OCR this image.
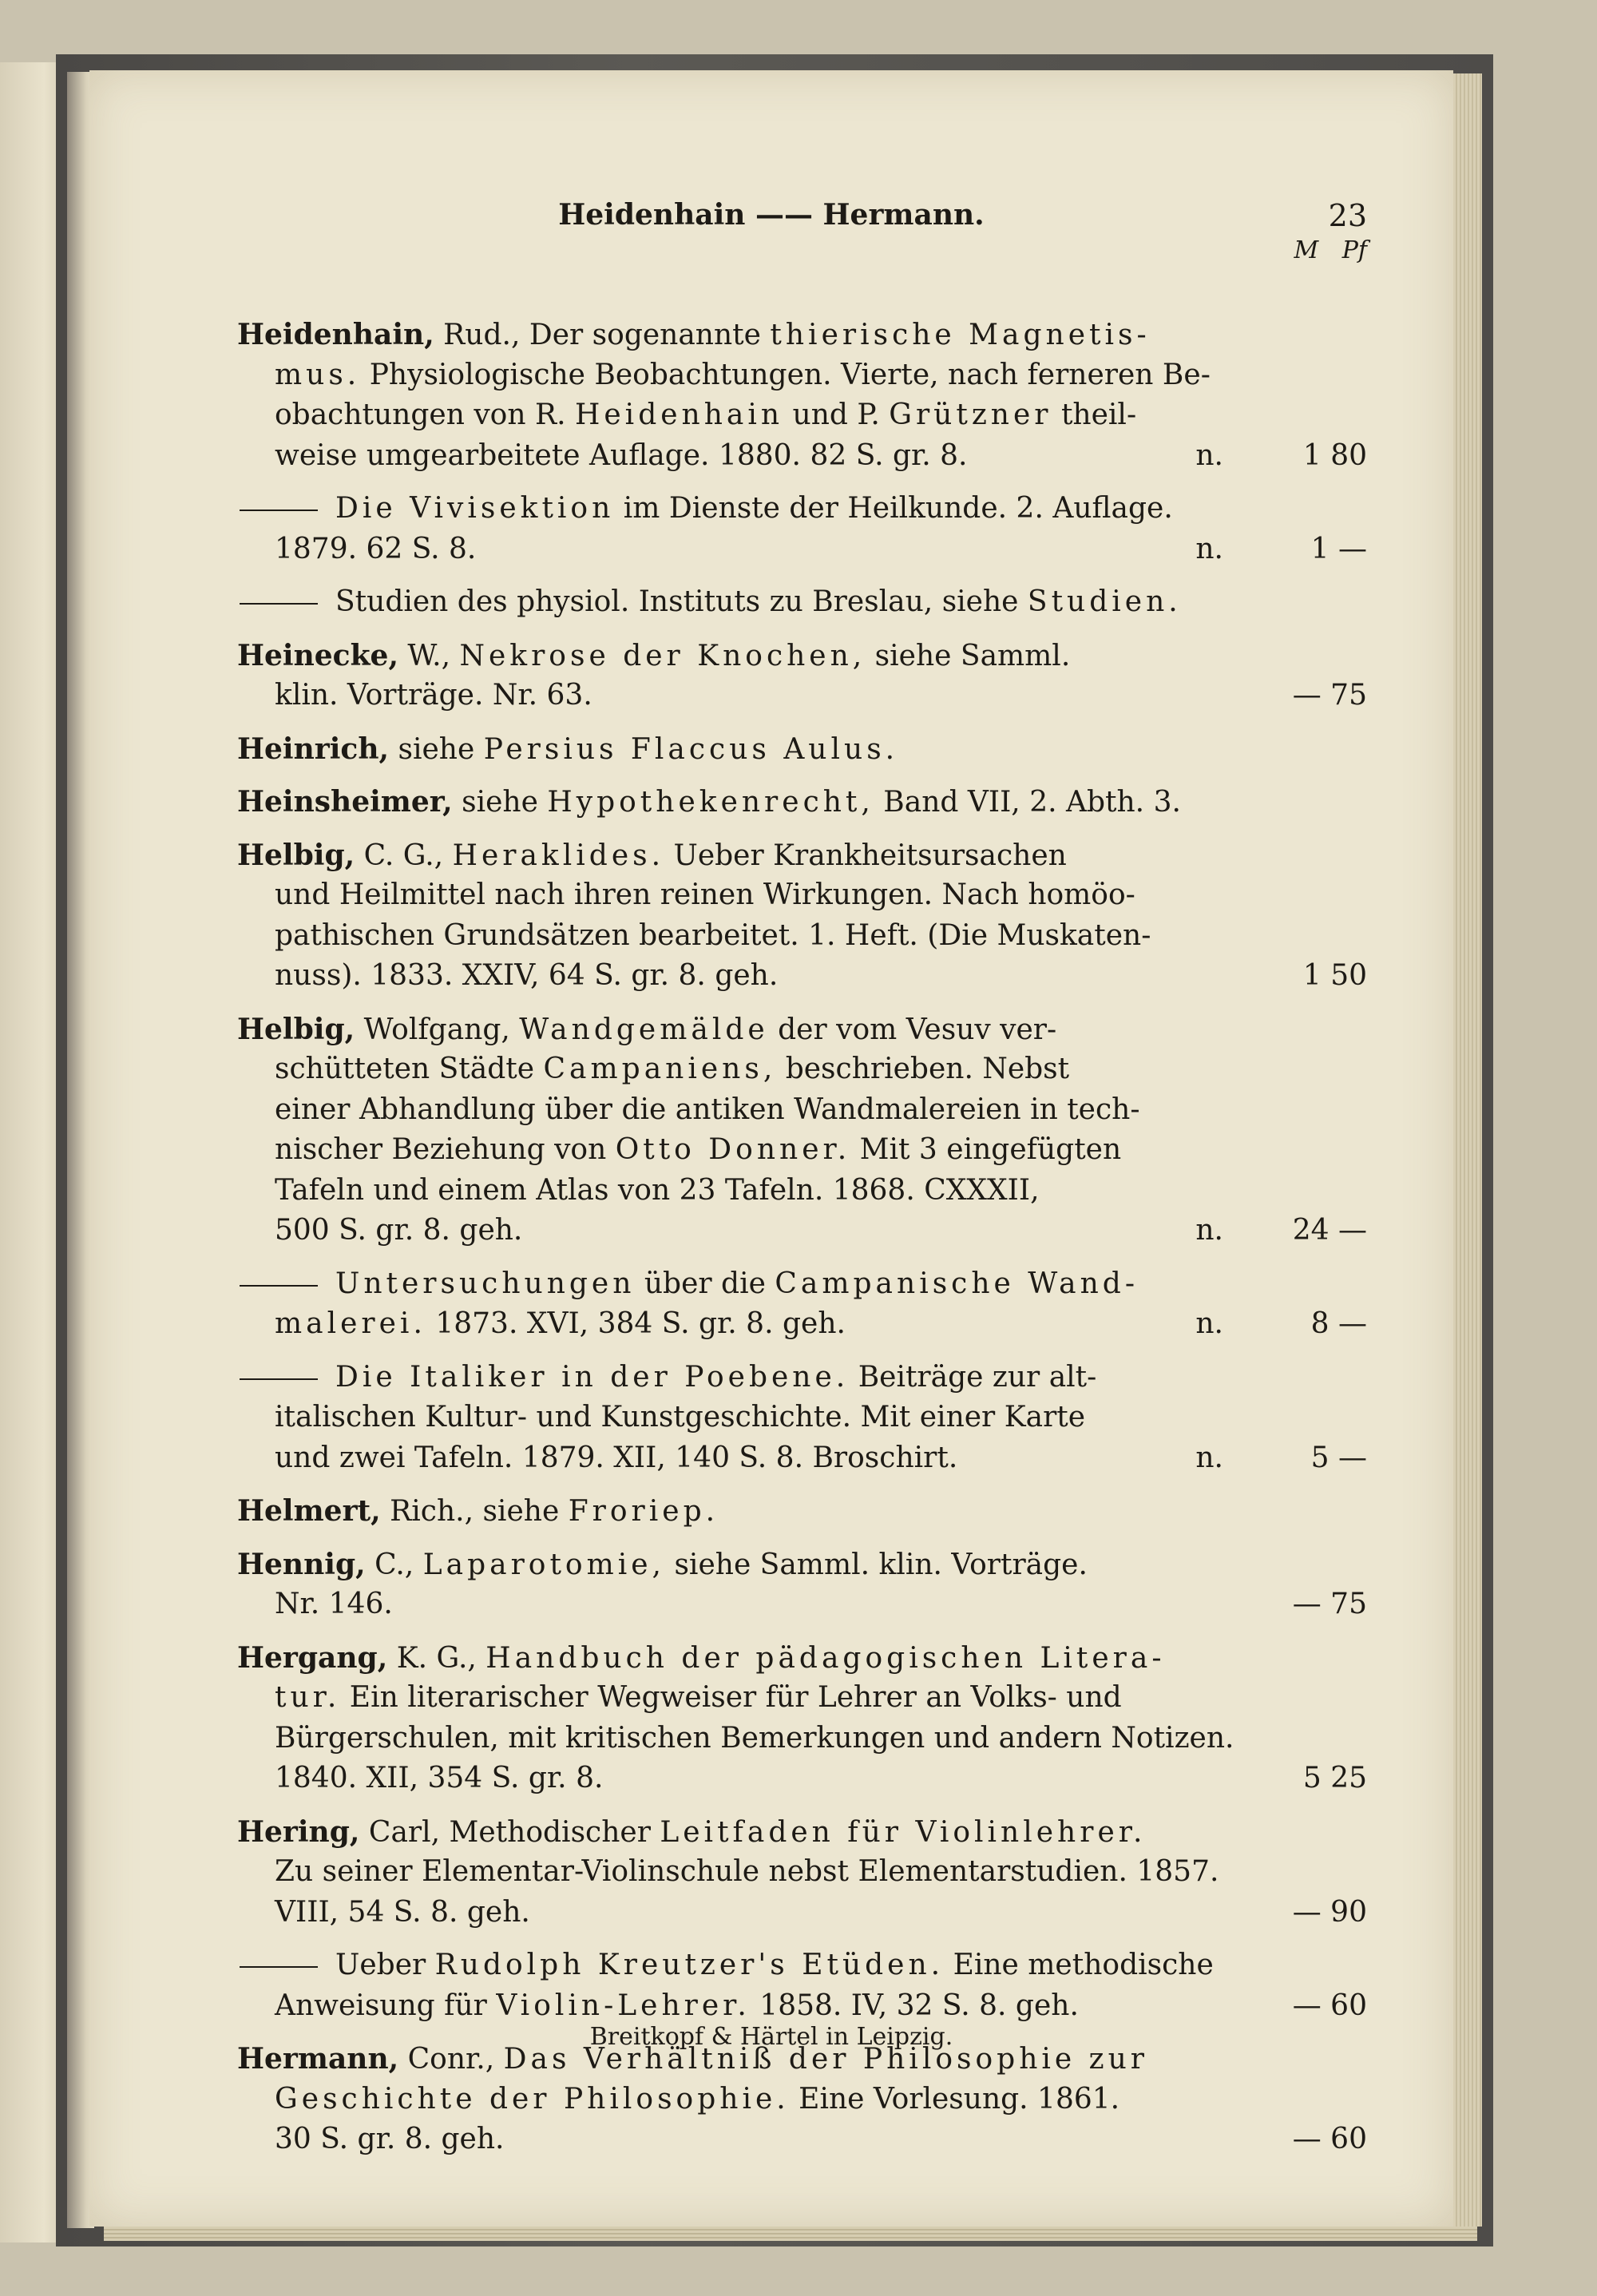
Heidenhain —— Hermann.	23
M Pf
Heidenhain, Rud., Der sogenannte thierische Magnetis-
mus. Physiologische Beobachtungen. Vierte, nach ferneren Be-
obachtungen von R. Heidenhain und P. Grützner theil-
weise umgearbeitete Auflage. 1880. 82 S. gr. 8.	n.	1 80
Die Vivisektion im Dienste der Heilkunde. 2. Auflage.
1879. 62 S. 8.	n.	1 —
Studien des physiol. Instituts zu Breslau, siehe Studien.
Heinecke, W., Nekrose der Knochen, siehe Samml.
klin. Vorträge. Nr. 63.	— 75
Heinrich, siehe Persius Flaccus Aulus.
Heinsheimer, siehe Hypothekenrecht, Band VII, 2. Abth. 3.
Helbig, C. G., Heraklides. Ueber Krankheitsursachen
und Heilmittel nach ihren reinen Wirkungen. Nach homöo-
pathischen Grundsätzen bearbeitet. 1. Heft. (Die Muskaten-
nuss). 1833. XXIV, 64 S. gr. 8. geh.	1 50
Helbig, Wolfgang, Wandgemälde der vom Vesuv ver-
schütteten Städte Campaniens, beschrieben. Nebst
einer Abhandlung über die antiken Wandmalereien in tech-
nischer Beziehung von Otto Donner. Mit 3 eingefügten
Tafeln und einem Atlas von 23 Tafeln. 1868. CXXXII,
500 S. gr. 8. geh.	n.	24 —
Untersuchungen über die Campanische Wand-
malerei. 1873. XVI, 384 S. gr. 8. geh.	n.	8 —
Die Italiker in der Poebene. Beiträge zur alt-
italischen Kultur- und Kunstgeschichte. Mit einer Karte
und zwei Tafeln. 1879. XII, 140 S. 8. Broschirt.	n.	5 —
Helmert, Rich., siehe Froriep.
Hennig, C., Laparotomie, siehe Samml. klin. Vorträge.
Nr. 146.	— 75
Hergang, K. G., Handbuch der pädagogischen Litera-
tur. Ein literarischer Wegweiser für Lehrer an Volks- und
Bürgerschulen, mit kritischen Bemerkungen und andern Notizen.
1840. XII, 354 S. gr. 8.	5 25
Hering, Carl, Methodischer Leitfaden für Violinlehrer.
Zu seiner Elementar-Violinschule nebst Elementarstudien. 1857.
VIII, 54 S. 8. geh.	— 90
Ueber Rudolph Kreutzer's Etüden. Eine methodische
Anweisung für Violin-Lehrer. 1858. IV, 32 S. 8. geh.	— 60
Hermann, Conr., Das Verhältniß der Philosophie zur
Geschichte der Philosophie. Eine Vorlesung. 1861.
30 S. gr. 8. geh.	— 60
Breitkopf & Härtel in Leipzig.
